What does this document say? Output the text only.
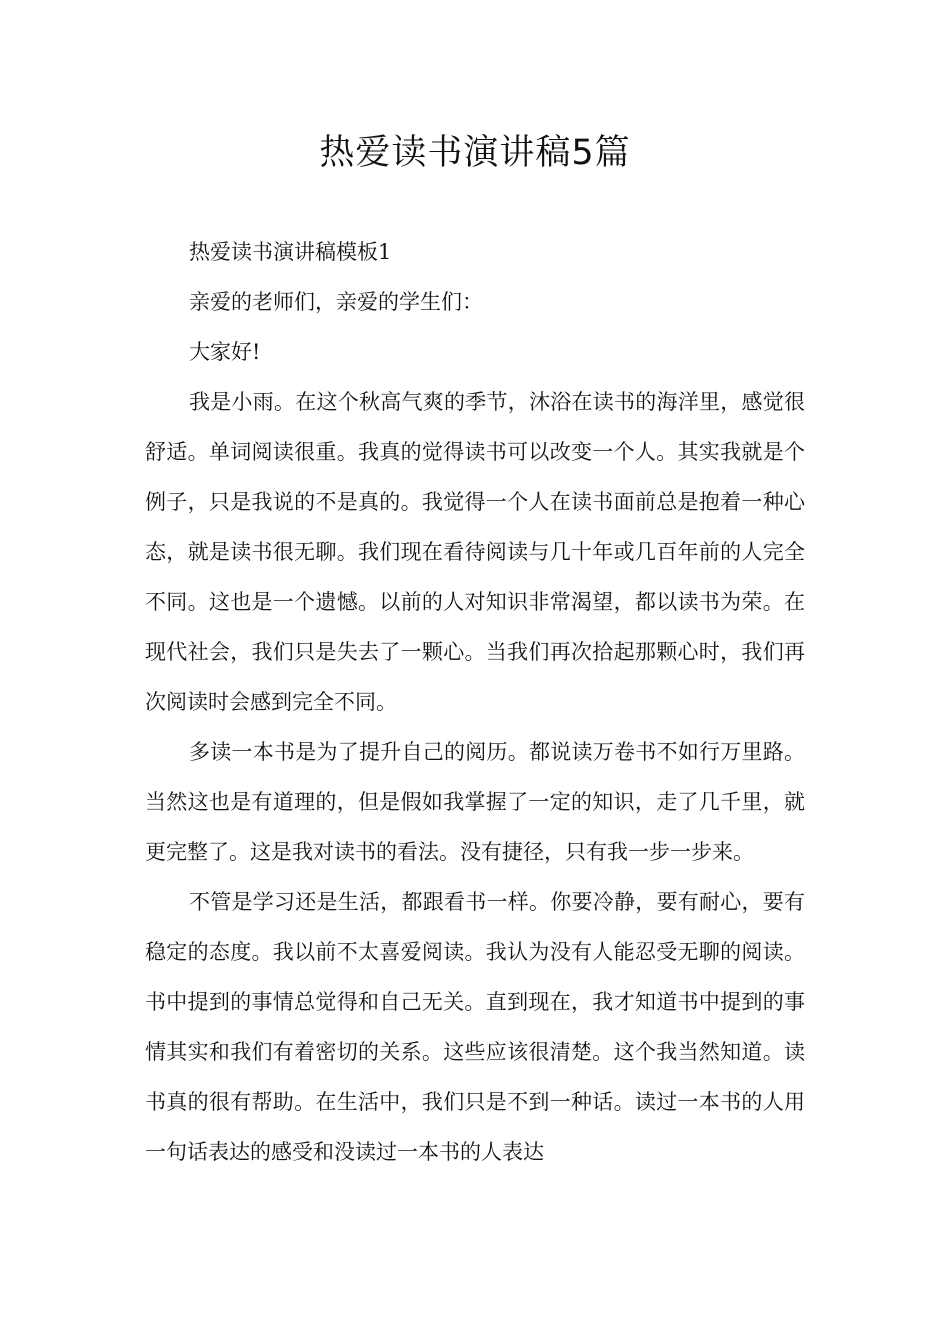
热爱读书演讲稿5篇

热爱读书演讲稿模板1

亲爱的老师们，亲爱的学生们：

大家好!

我是小雨。在这个秋高气爽的季节，沐浴在读书的海洋里，感觉很舒适。单词阅读很重。我真的觉得读书可以改变一个人。其实我就是个例子，只是我说的不是真的。我觉得一个人在读书面前总是抱着一种心态，就是读书很无聊。我们现在看待阅读与几十年或几百年前的人完全不同。这也是一个遗憾。以前的人对知识非常渴望，都以读书为荣。在现代社会，我们只是失去了一颗心。当我们再次拾起那颗心时，我们再次阅读时会感到完全不同。

多读一本书是为了提升自己的阅历。都说读万卷书不如行万里路。当然这也是有道理的，但是假如我掌握了一定的知识，走了几千里，就更完整了。这是我对读书的看法。没有捷径，只有我一步一步来。

不管是学习还是生活，都跟看书一样。你要冷静，要有耐心，要有稳定的态度。我以前不太喜爱阅读。我认为没有人能忍受无聊的阅读。书中提到的事情总觉得和自己无关。直到现在，我才知道书中提到的事情其实和我们有着密切的关系。这些应该很清楚。这个我当然知道。读书真的很有帮助。在生活中，我们只是不到一种话。读过一本书的人用一句话表达的感受和没读过一本书的人表达
